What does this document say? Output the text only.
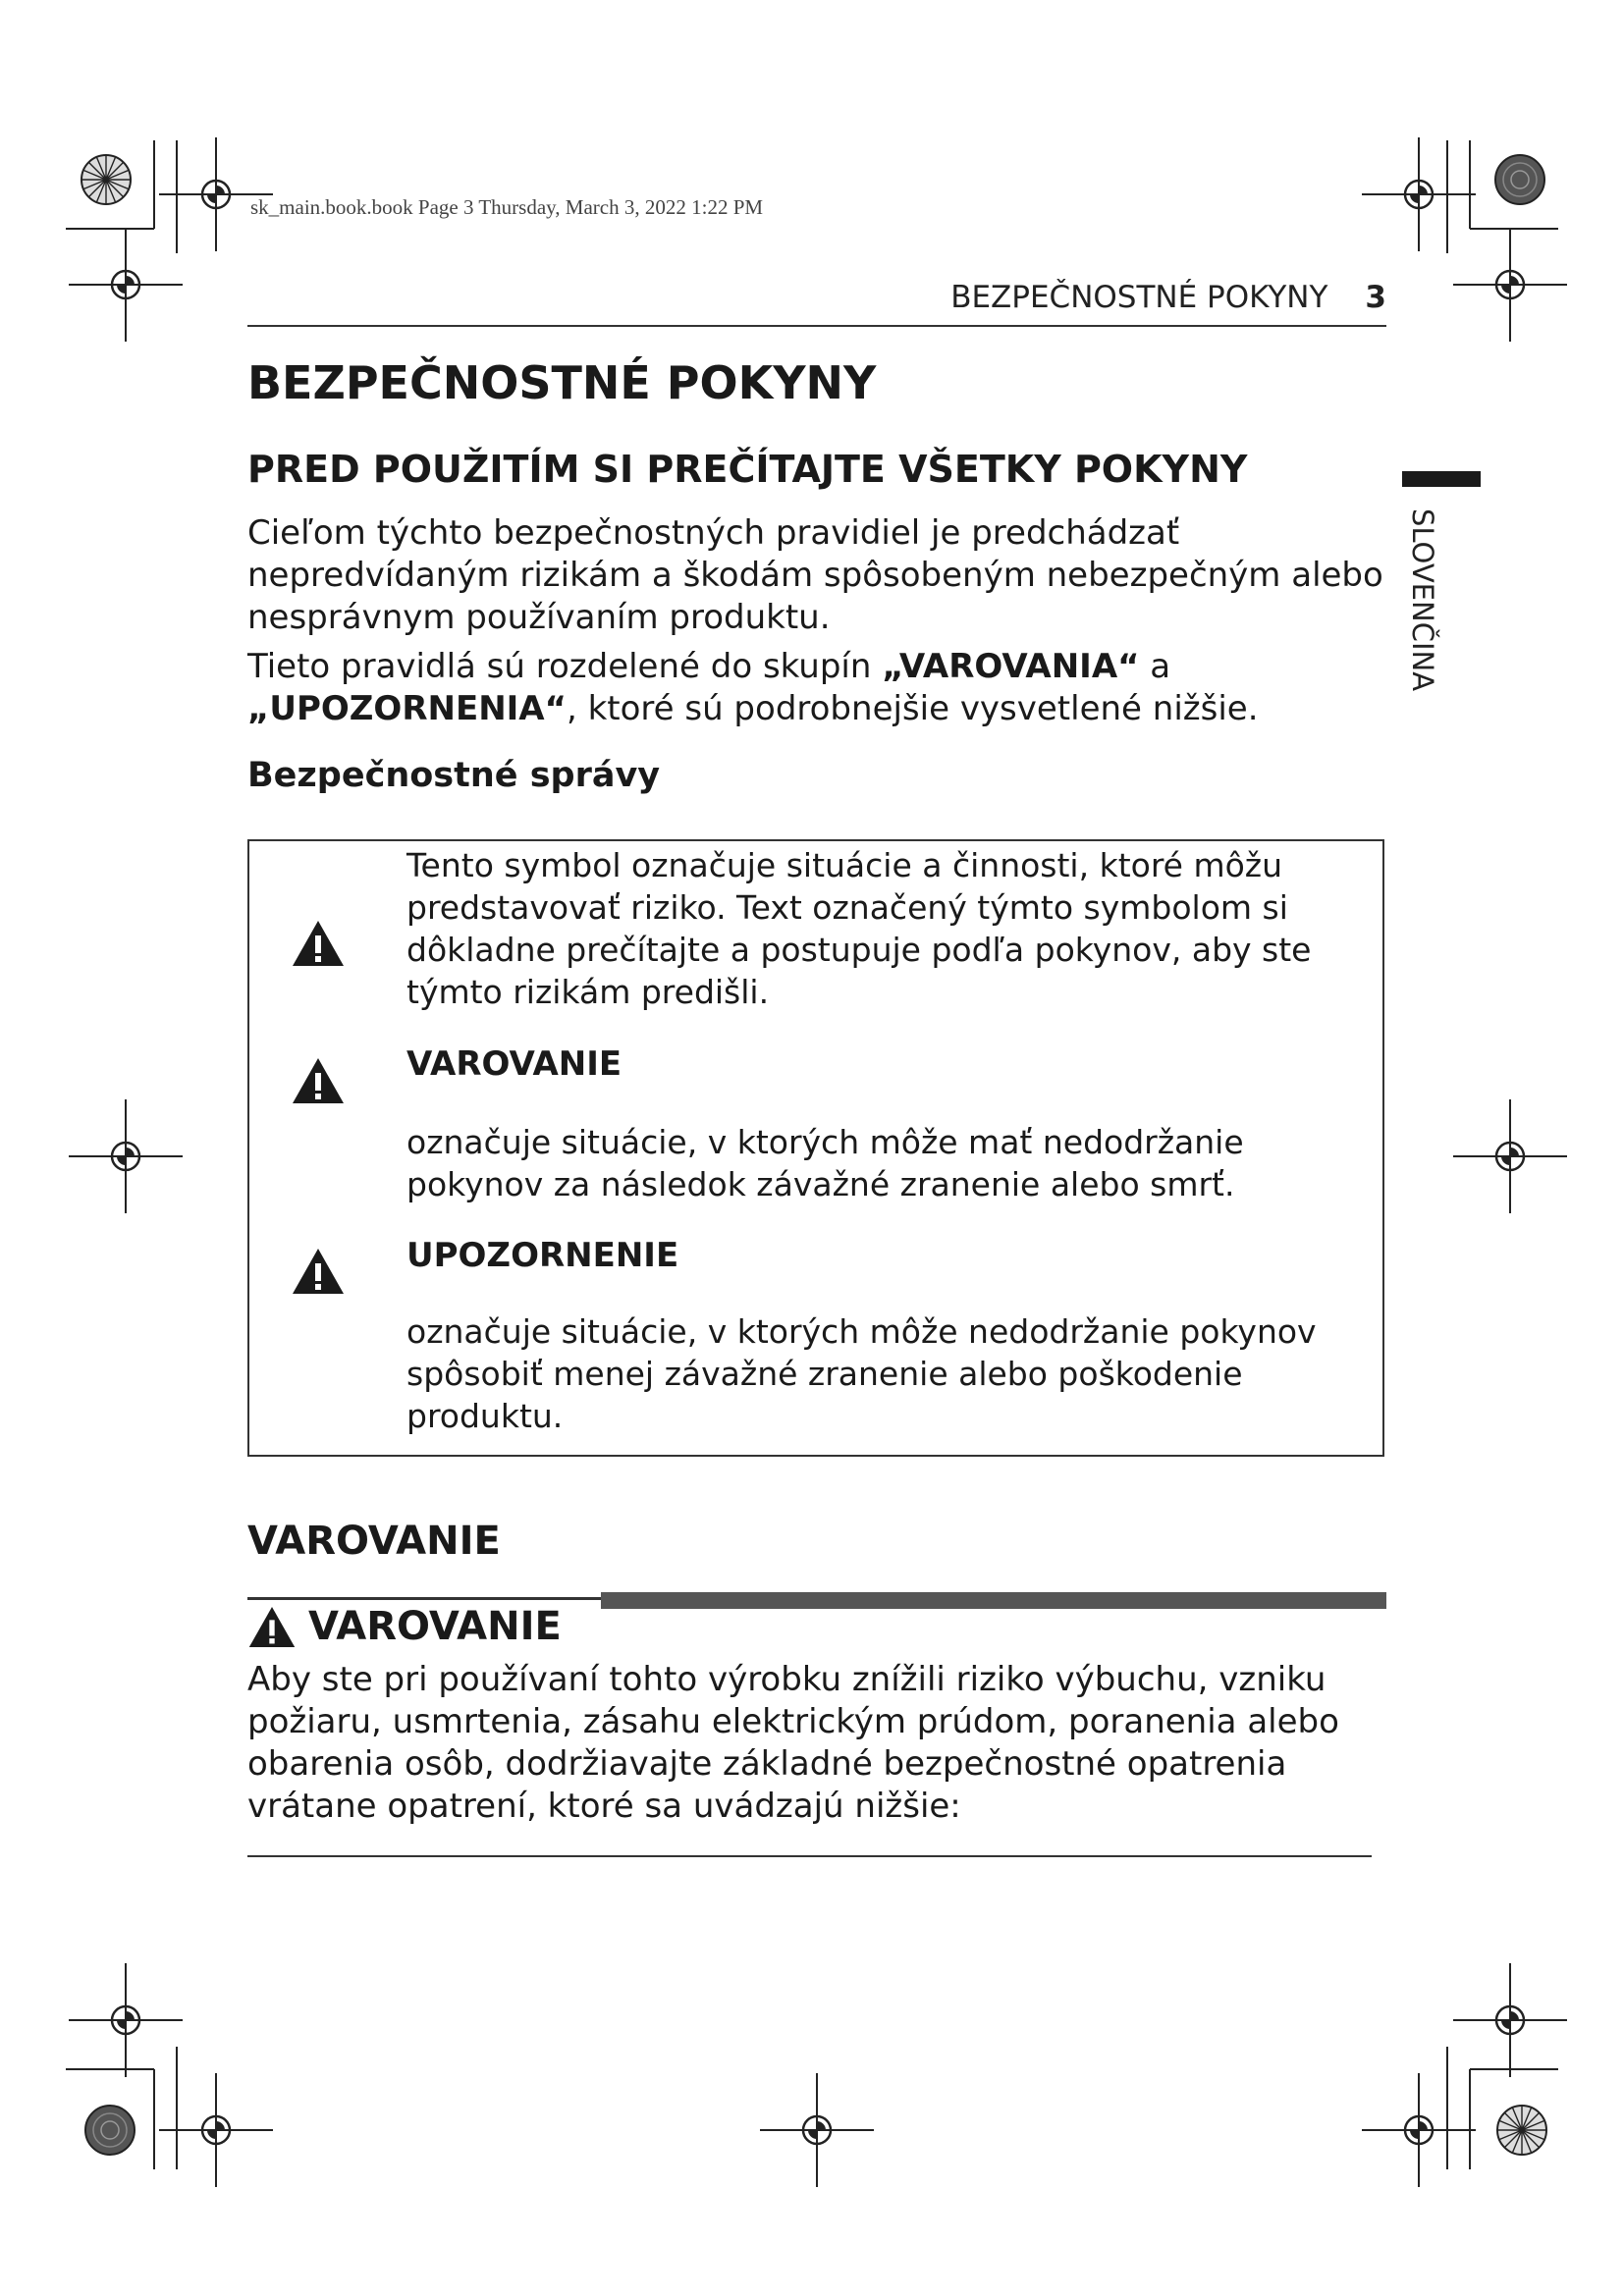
sk_main.book.book Page 3 Thursday, March 3, 2022 1:22 PM
BEZPEČNOSTNÉ POKYNY 3
SLOVENČINA
BEZPEČNOSTNÉ POKYNY
PRED POUŽITÍM SI PREČÍTAJTE VŠETKY POKYNY
Cieľom týchto bezpečnostných pravidiel je predchádzať nepredvídaným rizikám a škodám spôsobeným nebezpečným alebo nesprávnym používaním produktu.
Tieto pravidlá sú rozdelené do skupín „VAROVANIA“ a „UPOZORNENIA“, ktoré sú podrobnejšie vysvetlené nižšie.
Bezpečnostné správy
Tento symbol označuje situácie a činnosti, ktoré môžu predstavovať riziko. Text označený týmto symbolom si dôkladne prečítajte a postupuje podľa pokynov, aby ste týmto rizikám predišli.
VAROVANIE
označuje situácie, v ktorých môže mať nedodržanie pokynov za následok závažné zranenie alebo smrť.
UPOZORNENIE
označuje situácie, v ktorých môže nedodržanie pokynov spôsobiť menej závažné zranenie alebo poškodenie produktu.
VAROVANIE
VAROVANIE
Aby ste pri používaní tohto výrobku znížili riziko výbuchu, vzniku požiaru, usmrtenia, zásahu elektrickým prúdom, poranenia alebo obarenia osôb, dodržiavajte základné bezpečnostné opatrenia vrátane opatrení, ktoré sa uvádzajú nižšie:
